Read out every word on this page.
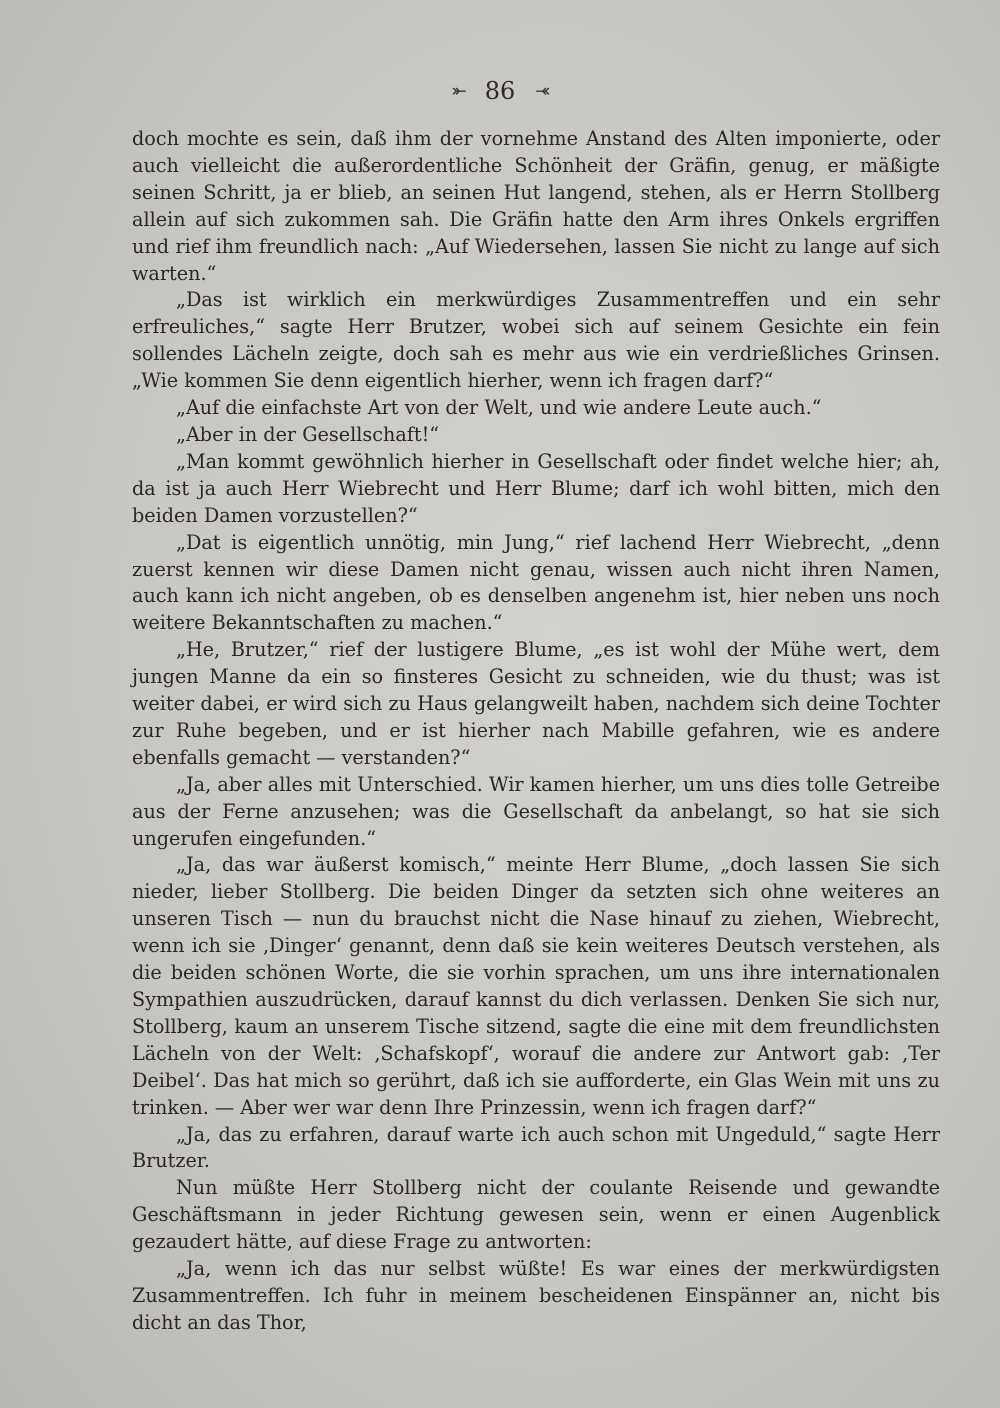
⤜ 86 ⤛

doch mochte es sein, daß ihm der vornehme Anstand des Alten imponierte, oder auch vielleicht die außerordentliche Schönheit der Gräfin, genug, er mäßigte seinen Schritt, ja er blieb, an seinen Hut langend, stehen, als er Herrn Stollberg allein auf sich zukommen sah. Die Gräfin hatte den Arm ihres Onkels ergriffen und rief ihm freundlich nach: „Auf Wiedersehen, lassen Sie nicht zu lange auf sich warten.“

„Das ist wirklich ein merkwürdiges Zusammentreffen und ein sehr erfreuliches,“ sagte Herr Brutzer, wobei sich auf seinem Gesichte ein fein sollendes Lächeln zeigte, doch sah es mehr aus wie ein verdrießliches Grinsen. „Wie kommen Sie denn eigentlich hierher, wenn ich fragen darf?“

„Auf die einfachste Art von der Welt, und wie andere Leute auch.“

„Aber in der Gesellschaft!“

„Man kommt gewöhnlich hierher in Gesellschaft oder findet welche hier; ah, da ist ja auch Herr Wiebrecht und Herr Blume; darf ich wohl bitten, mich den beiden Damen vorzustellen?“

„Dat is eigentlich unnötig, min Jung,“ rief lachend Herr Wiebrecht, „denn zuerst kennen wir diese Damen nicht genau, wissen auch nicht ihren Namen, auch kann ich nicht angeben, ob es denselben angenehm ist, hier neben uns noch weitere Bekanntschaften zu machen.“

„He, Brutzer,“ rief der lustigere Blume, „es ist wohl der Mühe wert, dem jungen Manne da ein so finsteres Gesicht zu schneiden, wie du thust; was ist weiter dabei, er wird sich zu Haus gelangweilt haben, nachdem sich deine Tochter zur Ruhe begeben, und er ist hierher nach Mabille gefahren, wie es andere ebenfalls gemacht — verstanden?“

„Ja, aber alles mit Unterschied. Wir kamen hierher, um uns dies tolle Getreibe aus der Ferne anzusehen; was die Gesellschaft da anbelangt, so hat sie sich ungerufen eingefunden.“

„Ja, das war äußerst komisch,“ meinte Herr Blume, „doch lassen Sie sich nieder, lieber Stollberg. Die beiden Dinger da setzten sich ohne weiteres an unseren Tisch — nun du brauchst nicht die Nase hinauf zu ziehen, Wiebrecht, wenn ich sie ‚Dinger‘ genannt, denn daß sie kein weiteres Deutsch verstehen, als die beiden schönen Worte, die sie vorhin sprachen, um uns ihre internationalen Sympathien auszudrücken, darauf kannst du dich verlassen. Denken Sie sich nur, Stollberg, kaum an unserem Tische sitzend, sagte die eine mit dem freundlichsten Lächeln von der Welt: ‚Schafskopf‘, worauf die andere zur Antwort gab: ‚Ter Deibel‘. Das hat mich so gerührt, daß ich sie aufforderte, ein Glas Wein mit uns zu trinken. — Aber wer war denn Ihre Prinzessin, wenn ich fragen darf?“

„Ja, das zu erfahren, darauf warte ich auch schon mit Ungeduld,“ sagte Herr Brutzer.

Nun müßte Herr Stollberg nicht der coulante Reisende und gewandte Geschäftsmann in jeder Richtung gewesen sein, wenn er einen Augenblick gezaudert hätte, auf diese Frage zu antworten:

„Ja, wenn ich das nur selbst wüßte! Es war eines der merkwürdigsten Zusammentreffen. Ich fuhr in meinem bescheidenen Einspänner an, nicht bis dicht an das Thor,
